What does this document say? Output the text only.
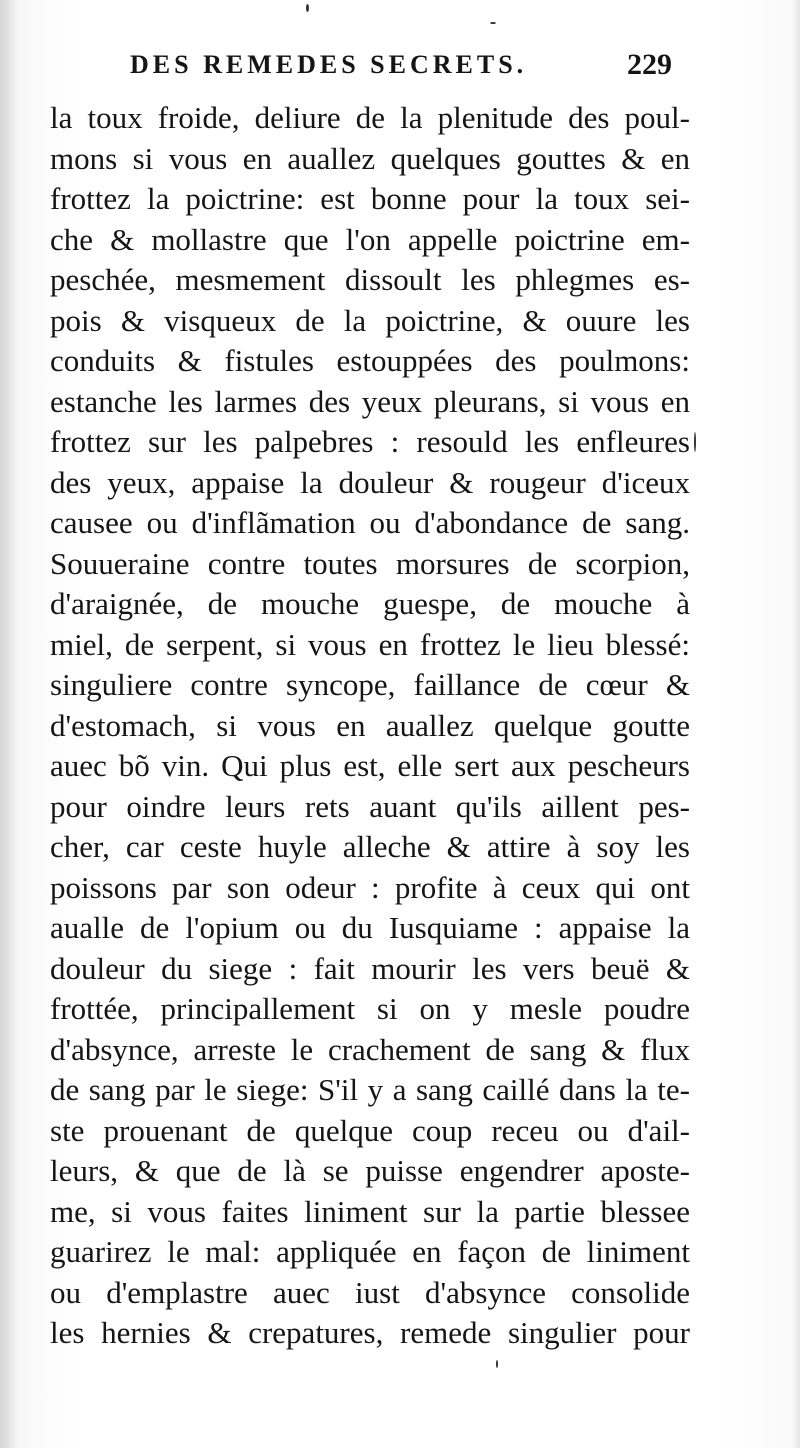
DES REMEDES SECRETS.	229
la toux froide, deliure de la plenitude des poul-
mons si vous en auallez quelques gouttes & en
frottez la poictrine: est bonne pour la toux sei-
che & mollastre que l'on appelle poictrine em-
peschée, mesmement dissoult les phlegmes es-
pois & visqueux de la poictrine, & ouure les
conduits & fistules estouppées des poulmons:
estanche les larmes des yeux pleurans, si vous en
frottez sur les palpebres : resould les enfleures
des yeux, appaise la douleur & rougeur d'iceux
causee ou d'inflãmation ou d'abondance de sang.
Souueraine contre toutes morsures de scorpion,
d'araignée, de mouche guespe, de mouche à
miel, de serpent, si vous en frottez le lieu blessé:
singuliere contre syncope, faillance de cœur &
d'estomach, si vous en auallez quelque goutte
auec bõ vin. Qui plus est, elle sert aux pescheurs
pour oindre leurs rets auant qu'ils aillent pes-
cher, car ceste huyle alleche & attire à soy les
poissons par son odeur : profite à ceux qui ont
aualle de l'opium ou du Iusquiame : appaise la
douleur du siege : fait mourir les vers beuë &
frottée, principallement si on y mesle poudre
d'absynce, arreste le crachement de sang & flux
de sang par le siege: S'il y a sang caillé dans la te-
ste prouenant de quelque coup receu ou d'ail-
leurs, & que de là se puisse engendrer aposte-
me, si vous faites liniment sur la partie blessee
guarirez le mal: appliquée en façon de liniment
ou d'emplastre auec iust d'absynce consolide
les hernies & crepatures, remede singulier pour
